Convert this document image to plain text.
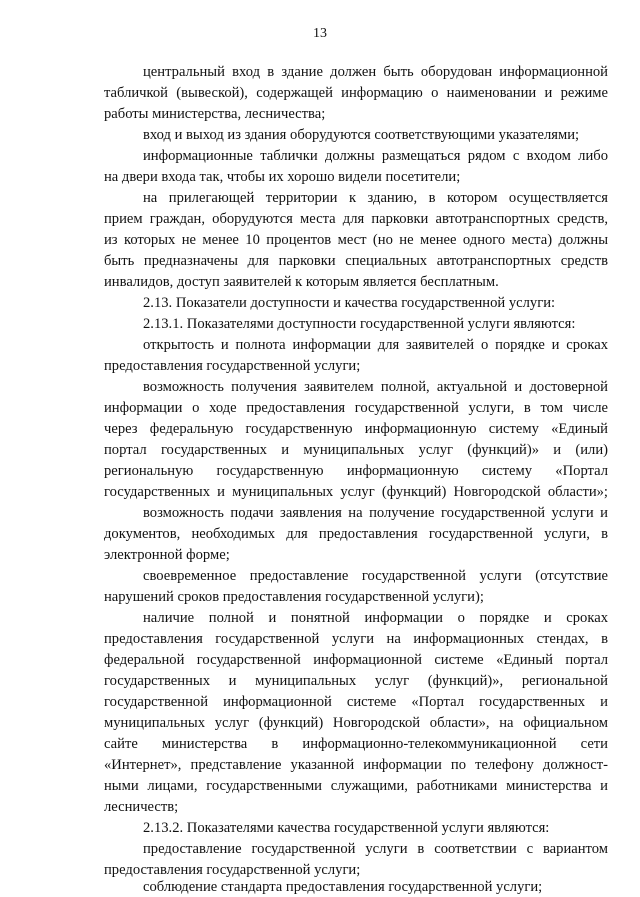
13
центральный вход в здание должен быть оборудован информационной
табличкой (вывеской), содержащей информацию о наименовании и режиме
работы министерства, лесничества;
вход и выход из здания оборудуются соответствующими указателями;
информационные таблички должны размещаться рядом с входом либо
на двери входа так, чтобы их хорошо видели посетители;
на прилегающей территории к зданию, в котором осуществляется
прием граждан, оборудуются места для парковки автотранспортных средств,
из которых не менее 10 процентов мест (но не менее одного места) должны
быть предназначены для парковки специальных автотранспортных средств
инвалидов, доступ заявителей к которым является бесплатным.
2.13. Показатели доступности и качества государственной услуги:
2.13.1. Показателями доступности государственной услуги являются:
открытость и полнота информации для заявителей о порядке и сроках
предоставления государственной услуги;
возможность получения заявителем полной, актуальной и достоверной
информации о ходе предоставления государственной услуги, в том числе
через федеральную государственную информационную систему «Единый
портал государственных и муниципальных услуг (функций)» и (или)
региональную государственную информационную систему «Портал
государственных и муниципальных услуг (функций) Новгородской области»;
возможность подачи заявления на получение государственной услуги и
документов, необходимых для предоставления государственной услуги, в
электронной форме;
своевременное предоставление государственной услуги (отсутствие
нарушений сроков предоставления государственной услуги);
наличие полной и понятной информации о порядке и сроках
предоставления государственной услуги на информационных стендах, в
федеральной государственной информационной системе «Единый портал
государственных и муниципальных услуг (функций)», региональной
государственной информационной системе «Портал государственных и
муниципальных услуг (функций) Новгородской области», на официальном
сайте министерства в информационно-телекоммуникационной сети
«Интернет», представление указанной информации по телефону должност-
ными лицами, государственными служащими, работниками министерства и
лесничеств;
2.13.2. Показателями качества государственной услуги являются:
предоставление государственной услуги в соответствии с вариантом
предоставления государственной услуги;
соблюдение стандарта предоставления государственной услуги;
